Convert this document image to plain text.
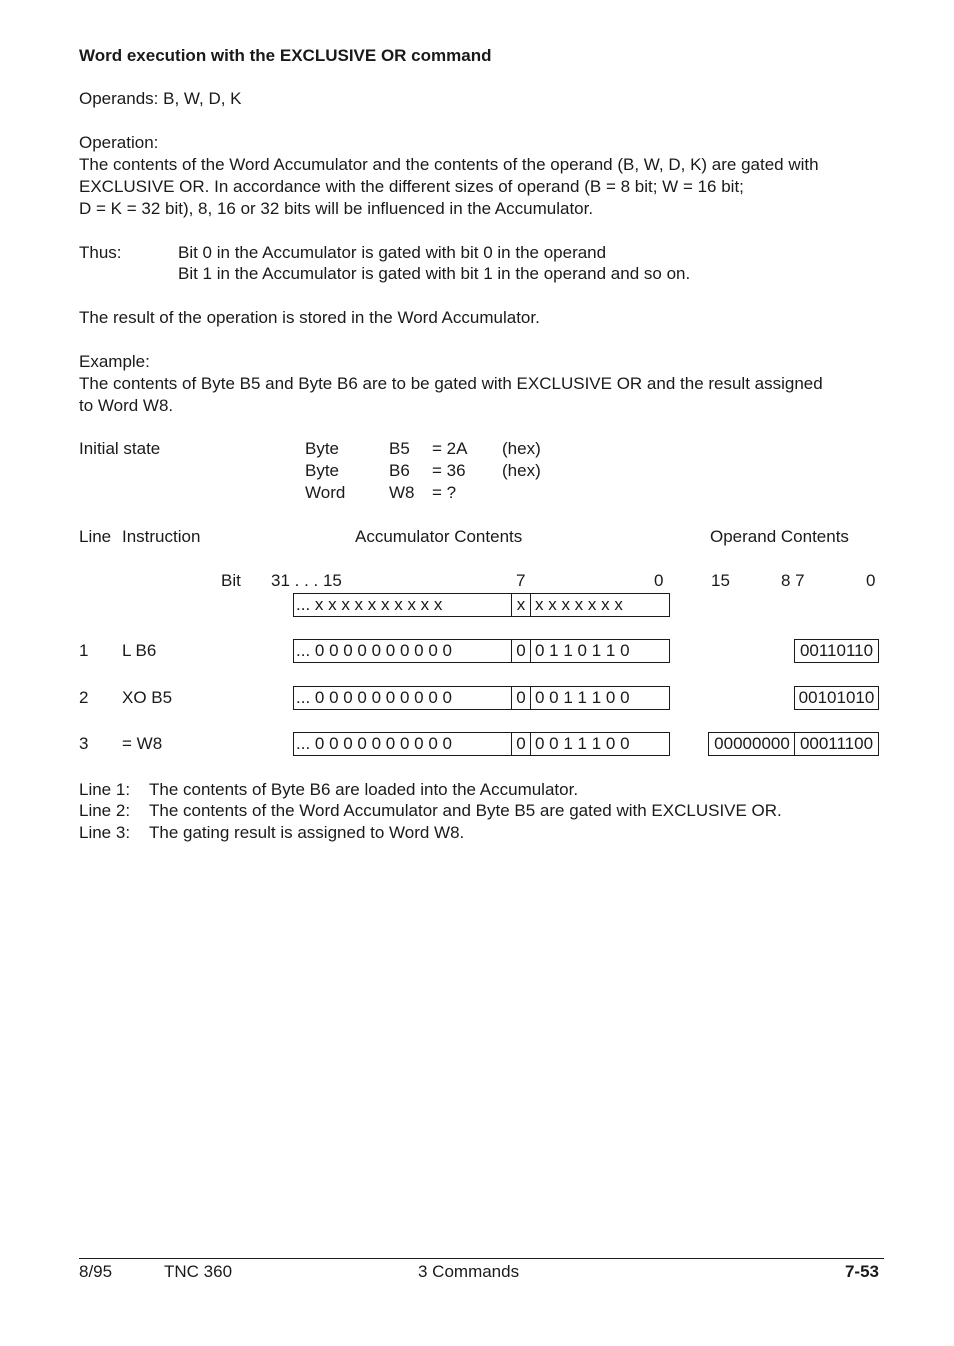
Word execution with the EXCLUSIVE OR command
Operands: B, W, D, K
Operation:
The contents of the Word Accumulator and the contents of the operand (B, W, D, K) are gated with
EXCLUSIVE OR. In accordance with the different sizes of operand (B = 8 bit; W = 16 bit;
D = K = 32 bit), 8, 16 or 32 bits will be influenced in the Accumulator.
Thus:	Bit 0 in the Accumulator is gated with bit 0 in the operand
Bit 1 in the Accumulator is gated with bit 1 in the operand and so on.
The result of the operation is stored in the Word Accumulator.
Example:
The contents of Byte B5 and Byte B6 are to be gated with EXCLUSIVE OR and the result assigned
to Word W8.
Initial state	Byte	B5 = 2A (hex)
Byte	B6 = 36 (hex)
Word	W8 = ?
Line Instruction	Accumulator Contents	Operand Contents
Bit 31 . . . 15	7	0	15	8 7	0
... x x x x x x x x x x	x x x x x x x x
1 L B6	... 0 0 0 0 0 0 0 0 0 0	0 0 1 1 0 1 1 0	00110110
2 XO B5	... 0 0 0 0 0 0 0 0 0 0	0 0 0 1 1 1 0 0	00101010
3 = W8	... 0 0 0 0 0 0 0 0 0 0	0 0 0 1 1 1 0 0	00000000 00011100
Line 1: The contents of Byte B6 are loaded into the Accumulator.
Line 2: The contents of the Word Accumulator and Byte B5 are gated with EXCLUSIVE OR.
Line 3: The gating result is assigned to Word W8.
8/95	TNC 360	3 Commands	7-53
